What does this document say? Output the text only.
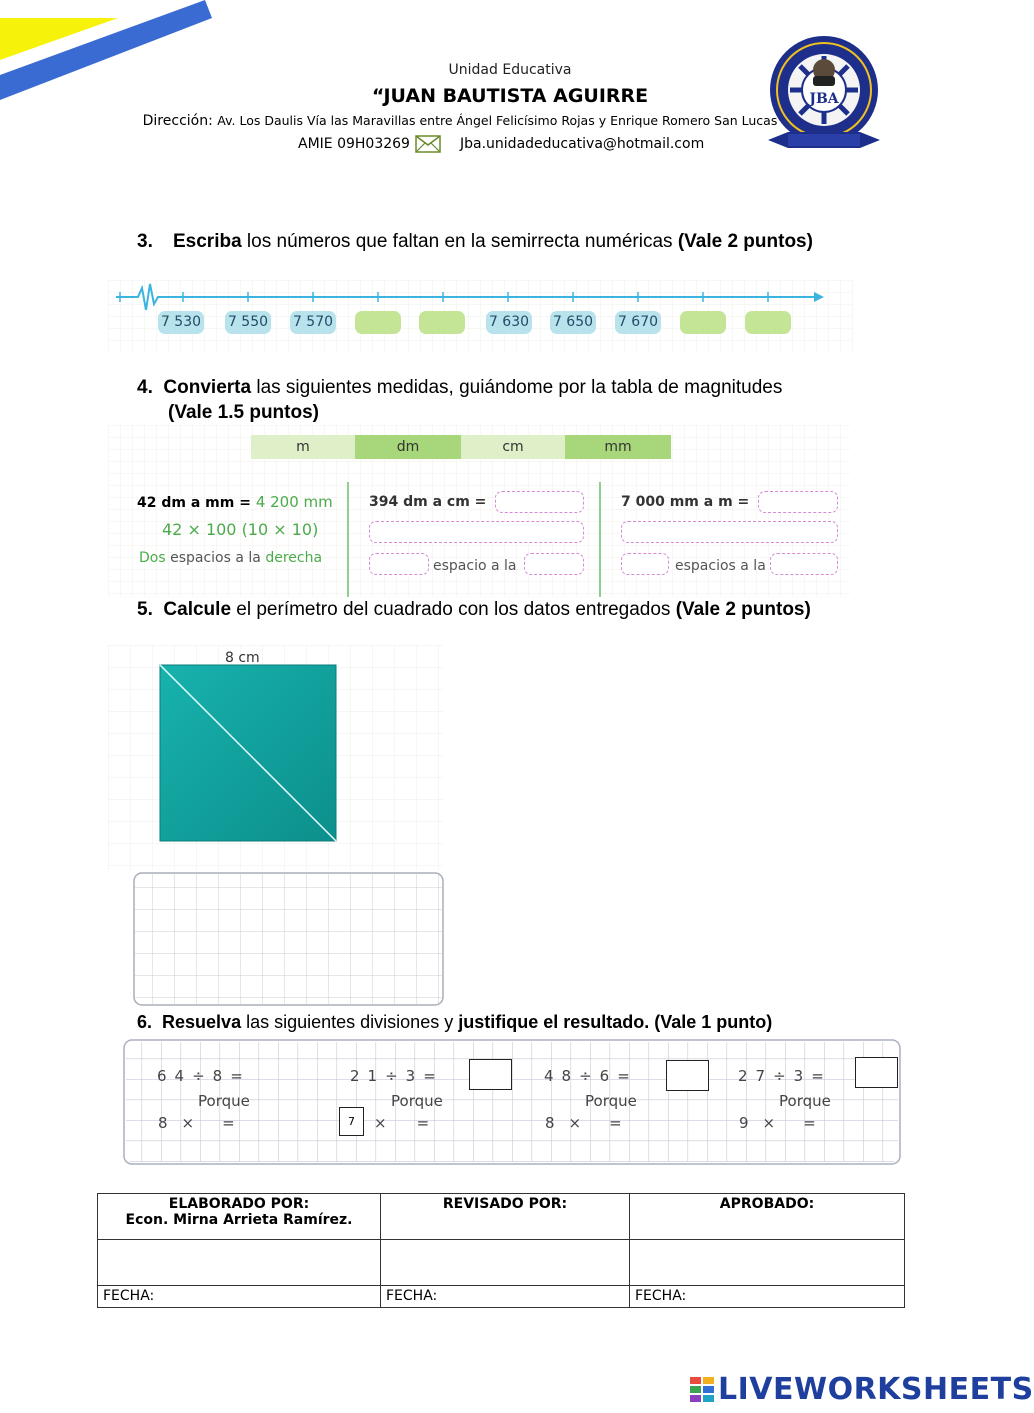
Unidad Educativa
“JUAN BAUTISTA AGUIRRE
Dirección: Av. Los Daulis Vía las Maravillas entre Ángel Felicísimo Rojas y Enrique Romero San Lucas
AMIE 09H03269	Jba.unidadeducativa@hotmail.com
JBA
3. Escriba los números que faltan en la semirrecta numéricas (Vale 2 puntos)
7 530 7 550 7 570	7 630 7 650 7 670
4. Convierta las siguientes medidas, guiándome por la tabla de magnitudes
(Vale 1.5 puntos)
m	dm	cm	mm
42 dm a mm = 4 200 mm
42 × 100 (10 × 10)
Dos espacios a la derecha
394 dm a cm =
espacio a la
7 000 mm a m =
espacios a la
5. Calcule el perímetro del cuadrado con los datos entregados (Vale 2 puntos)
8 cm
6. Resuelva las siguientes divisiones y justifique el resultado. (Vale 1 punto)
64÷8=	21÷3=	48÷6=	27÷3=
Porque	Porque	Porque	Porque
8 × =	7	× =	8 × =	9 × =
ELABORADO POR:
Econ. Mirna Arrieta Ramírez.	REVISADO POR:	APROBADO:

FECHA:	FECHA:	FECHA:
LIVEWORKSHEETS
